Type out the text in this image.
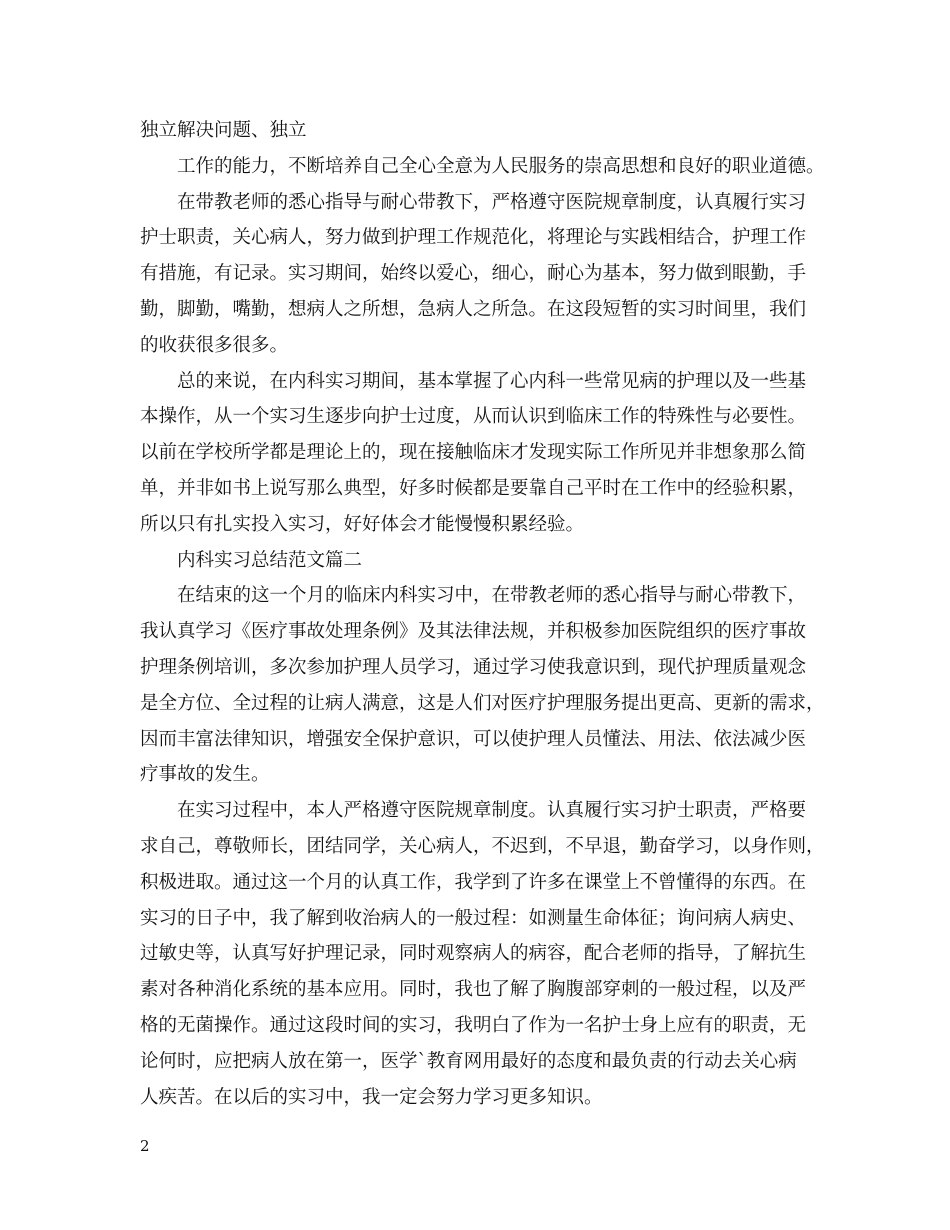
独立解决问题、独立
工作的能力，不断培养自己全心全意为人民服务的崇高思想和良好的职业道德。
在带教老师的悉心指导与耐心带教下，严格遵守医院规章制度，认真履行实习
护士职责，关心病人，努力做到护理工作规范化，将理论与实践相结合，护理工作
有措施，有记录。实习期间，始终以爱心，细心，耐心为基本，努力做到眼勤，手
勤，脚勤，嘴勤，想病人之所想，急病人之所急。在这段短暂的实习时间里，我们
的收获很多很多。
总的来说，在内科实习期间，基本掌握了心内科一些常见病的护理以及一些基
本操作，从一个实习生逐步向护士过度，从而认识到临床工作的特殊性与必要性。
以前在学校所学都是理论上的，现在接触临床才发现实际工作所见并非想象那么简
单，并非如书上说写那么典型，好多时候都是要靠自己平时在工作中的经验积累，
所以只有扎实投入实习，好好体会才能慢慢积累经验。
内科实习总结范文篇二
在结束的这一个月的临床内科实习中，在带教老师的悉心指导与耐心带教下，
我认真学习《医疗事故处理条例》及其法律法规，并积极参加医院组织的医疗事故
护理条例培训，多次参加护理人员学习，通过学习使我意识到，现代护理质量观念
是全方位、全过程的让病人满意，这是人们对医疗护理服务提出更高、更新的需求，
因而丰富法律知识，增强安全保护意识，可以使护理人员懂法、用法、依法减少医
疗事故的发生。
在实习过程中，本人严格遵守医院规章制度。认真履行实习护士职责，严格要
求自己，尊敬师长，团结同学，关心病人，不迟到，不早退，勤奋学习，以身作则，
积极进取。通过这一个月的认真工作，我学到了许多在课堂上不曾懂得的东西。在
实习的日子中，我了解到收治病人的一般过程：如测量生命体征；询问病人病史、
过敏史等，认真写好护理记录，同时观察病人的病容，配合老师的指导，了解抗生
素对各种消化系统的基本应用。同时，我也了解了胸腹部穿刺的一般过程，以及严
格的无菌操作。通过这段时间的实习，我明白了作为一名护士身上应有的职责，无
论何时，应把病人放在第一，医学`教育网用最好的态度和最负责的行动去关心病
人疾苦。在以后的实习中，我一定会努力学习更多知识。
2
